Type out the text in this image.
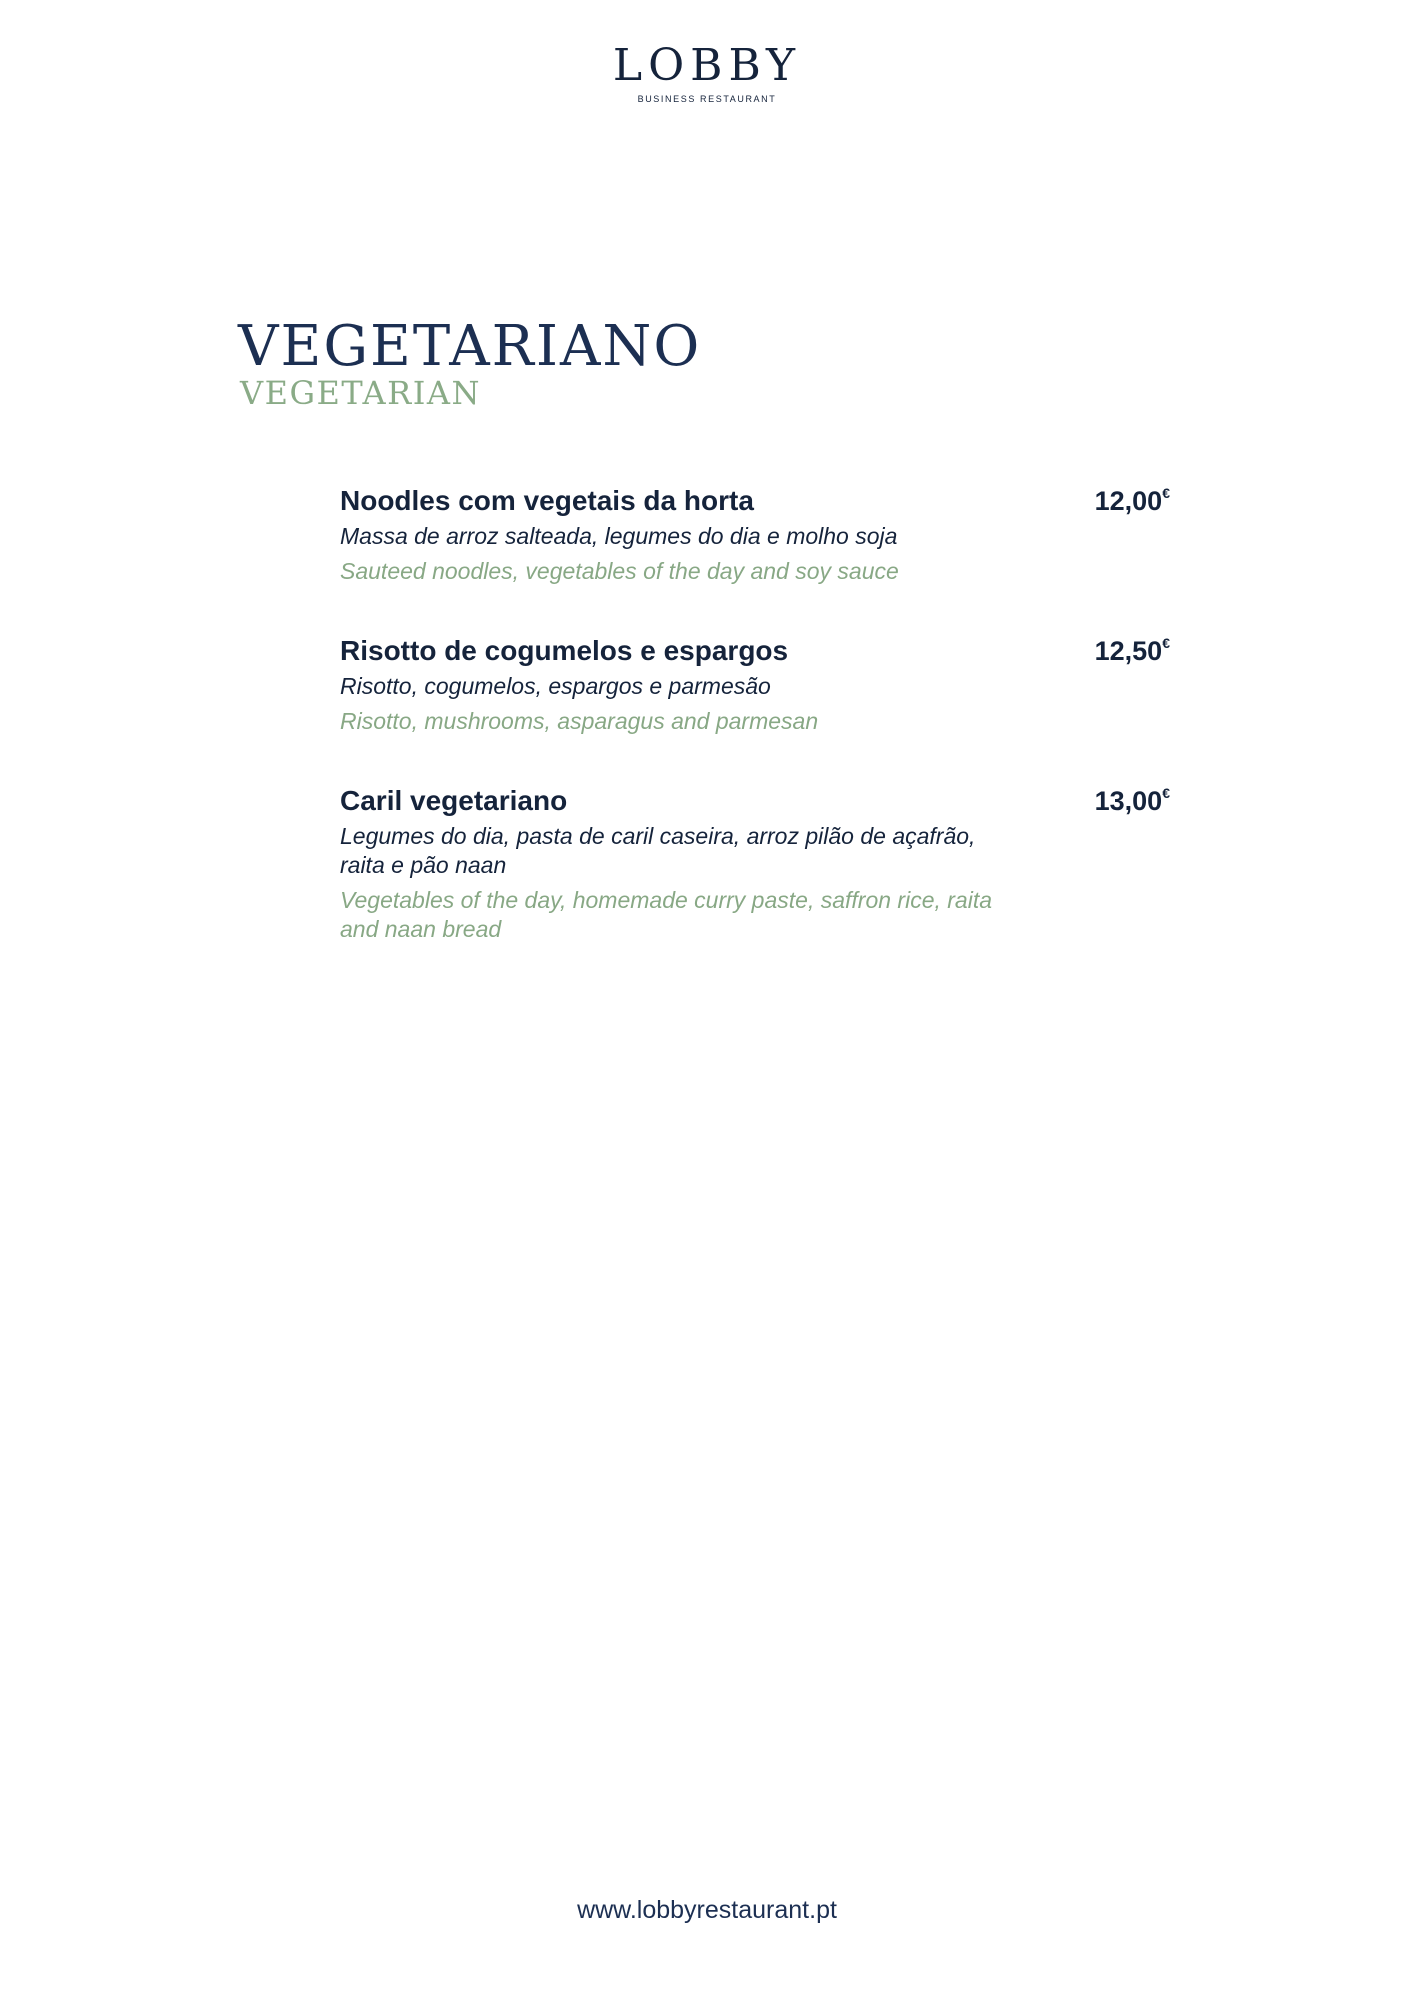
LOBBY
BUSINESS RESTAURANT
VEGETARIANO
VEGETARIAN
Noodles com vegetais da horta	12,00€
Massa de arroz salteada, legumes do dia e molho soja
Sauteed noodles, vegetables of the day and soy sauce
Risotto de cogumelos e espargos	12,50€
Risotto, cogumelos, espargos e parmesão
Risotto, mushrooms, asparagus and parmesan
Caril vegetariano	13,00€
Legumes do dia, pasta de caril caseira, arroz pilão de açafrão, raita e pão naan
Vegetables of the day, homemade curry paste, saffron rice, raita and naan bread
www.lobbyrestaurant.pt
